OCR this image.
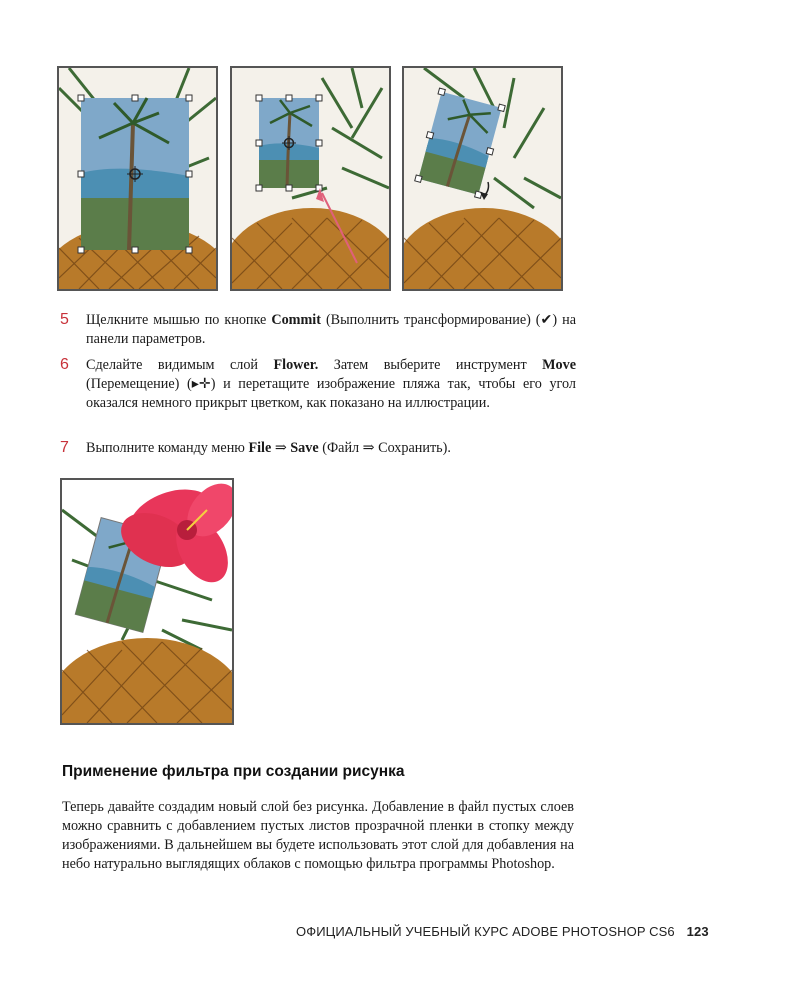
5 Щелкните мышью по кнопке Commit (Выполнить трансформирование) (✔) на панели параметров.
6 Сделайте видимым слой Flower. Затем выберите инструмент Move (Перемещение) (▸✛) и перетащите изображение пляжа так, чтобы его угол оказался немного прикрыт цветком, как показано на иллюстрации.
7 Выполните команду меню File ⇒ Save (Файл ⇒ Сохранить).
Применение фильтра при создании рисунка
Теперь давайте создадим новый слой без рисунка. Добавление в файл пустых слоев можно сравнить с добавлением пустых листов прозрачной пленки в стопку между изображениями. В дальнейшем вы будете использовать этот слой для добавления на небо натурально выглядящих облаков с помощью фильтра программы Photoshop.
ОФИЦИАЛЬНЫЙ УЧЕБНЫЙ КУРС ADOBE PHOTOSHOP CS6 123
